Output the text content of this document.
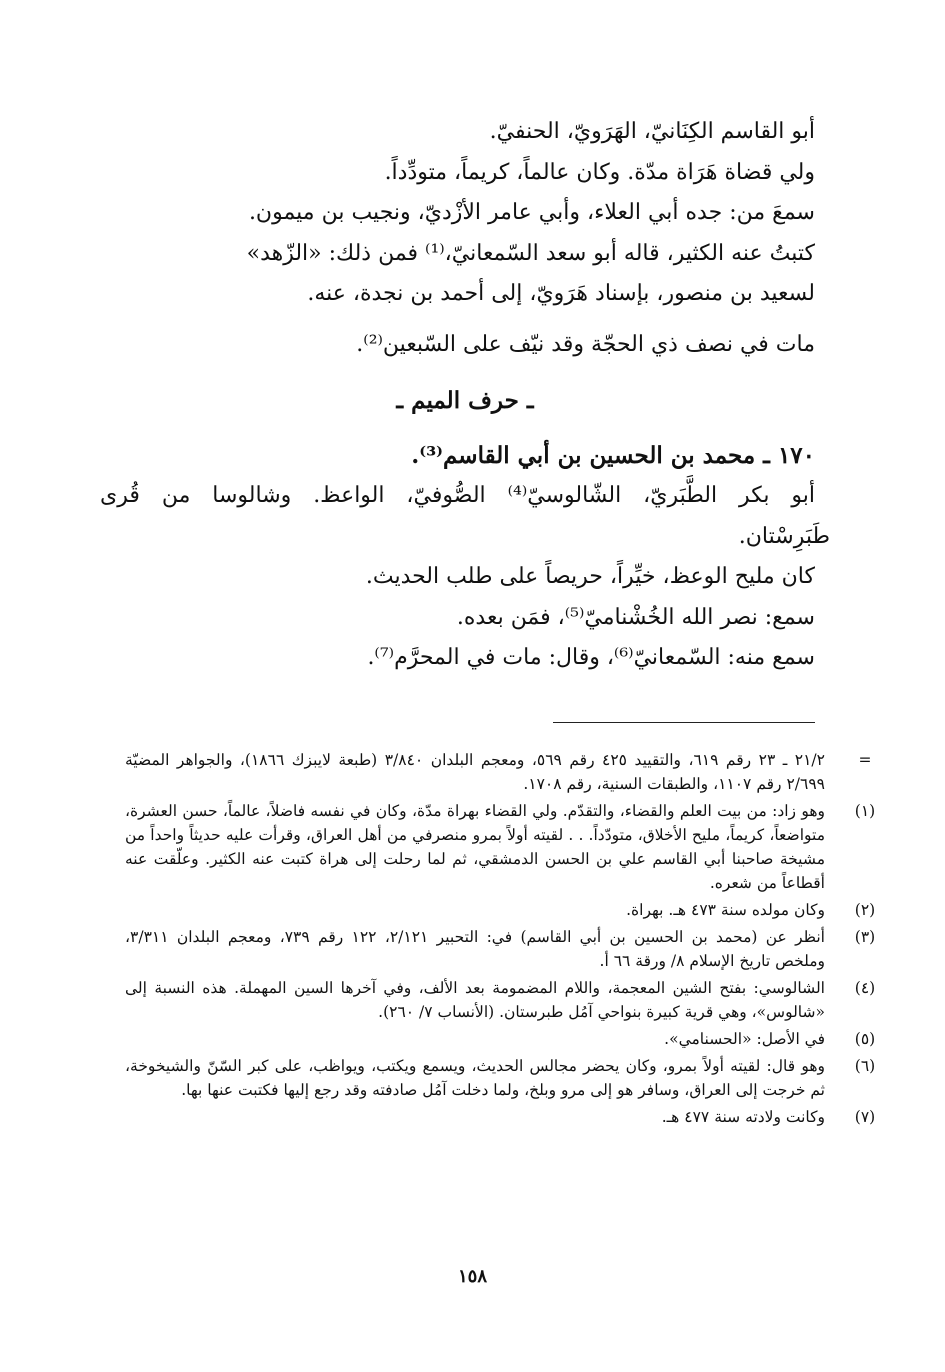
أبو القاسم الكِنَانيّ، الهَرَويّ، الحنفيّ.

ولي قضاة هَرَاة مدّة. وكان عالماً، كريماً، متودِّداً.

سمعَ من: جده أبي العلاء، وأبي عامر الأزْديّ، ونجيب بن ميمون.

كتبتُ عنه الكثير، قاله أبو سعد السّمعانيّ،⁽¹⁾ فمن ذلك: «الزّهد»

لسعيد بن منصور، بإسناد هَرَويّ، إلى أحمد بن نجدة، عنه.

مات في نصف ذي الحجّة وقد نيّف على السّبعين⁽²⁾.

ـ حرف الميم ـ

١٧٠ ـ محمد بن الحسين بن أبي القاسم⁽³⁾.

أبو بكر الطَّبَريّ، الشّالوسيّ⁽⁴⁾ الصُّوفيّ، الواعظ. وشالوسا من قُرى

طَبَرِسْتان.

كان مليح الوعظ، خيِّراً، حريصاً على طلب الحديث.

سمع: نصر الله الخُشْناميّ⁽⁵⁾، فمَن بعده.

سمع منه: السّمعانيّ⁽⁶⁾، وقال: مات في المحرَّم⁽⁷⁾.

=
٢١/٢ ـ ٢٣ رقم ٦١٩، والتقييد ٤٢٥ رقم ٥٦٩، ومعجم البلدان ٣/٨٤٠ (طبعة لايبزك ١٨٦٦)، والجواهر المضيّة ٢/٦٩٩ رقم ١١٠٧، والطبقات السنية، رقم ١٧٠٨.
(١)
وهو زاد: من بيت العلم والقضاء، والتقدّم. ولي القضاء بهراة مدّة، وكان في نفسه فاضلاً، عالماً، حسن العشرة، متواضعاً، كريماً، مليح الأخلاق، متودّداً. . . لقيته أولاً بمرو منصرفي من أهل العراق، وقرأت عليه حديثاً واحداً من مشيخة صاحبنا أبي القاسم علي بن الحسن الدمشقي، ثم لما رحلت إلى هراة كتبت عنه الكثير. وعلّقت عنه أقطاعاً من شعره.
(٢)
وكان مولده سنة ٤٧٣ هـ. بهراة.
(٣)
أنظر عن (محمد بن الحسين بن أبي القاسم) في: التحبير ٢/١٢١، ١٢٢ رقم ٧٣٩، ومعجم البلدان ٣/٣١١، وملخص تاريخ الإسلام ٨/ ورقة ٦٦ أ.
(٤)
الشالوسي: بفتح الشين المعجمة، واللام المضمومة بعد الألف، وفي آخرها السين المهملة. هذه النسبة إلى «شالوس»، وهي قرية كبيرة بنواحي آمُل طبرستان. (الأنساب ٧/ ٢٦٠).
(٥)
في الأصل: «الحسنامي».
(٦)
وهو قال: لقيته أولاً بمرو، وكان يحضر مجالس الحديث، ويسمع ويكتب، ويواظب، على كبر السّنّ والشيخوخة، ثم خرجت إلى العراق، وسافر هو إلى مرو وبلخ، ولما دخلت آمُل صادفته وقد رجع إليها فكتبت عنها بها.
(٧)
وكانت ولادته سنة ٤٧٧ هـ.
١٥٨
